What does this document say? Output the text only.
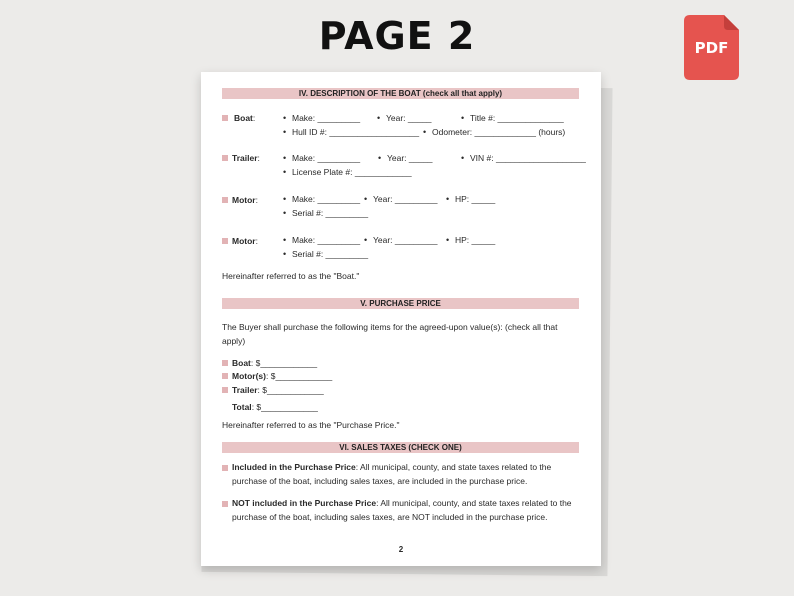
PAGE 2	PDF
IV. DESCRIPTION OF THE BOAT (check all that apply)
Boat:	• Make: _________	• Year: _____	• Title #: ______________
• Hull ID #: ___________________ • Odometer: _____________ (hours)
Trailer:	• Make: _________	• Year: _____	• VIN #: ___________________
• License Plate #: ____________
Motor:	• Make: _________ • Year: _________ • HP: _____
• Serial #: _________
Motor:	• Make: _________ • Year: _________ • HP: _____
• Serial #: _________
Hereinafter referred to as the "Boat."
V. PURCHASE PRICE
The Buyer shall purchase the following items for the agreed-upon value(s): (check all that apply)
Boat: $____________
Motor(s): $____________
Trailer: $____________
Total: $____________
Hereinafter referred to as the "Purchase Price."
VI. SALES TAXES (CHECK ONE)
Included in the Purchase Price: All municipal, county, and state taxes related to the purchase of the boat, including sales taxes, are included in the purchase price.
NOT included in the Purchase Price: All municipal, county, and state taxes related to the purchase of the boat, including sales taxes, are NOT included in the purchase price.
2
